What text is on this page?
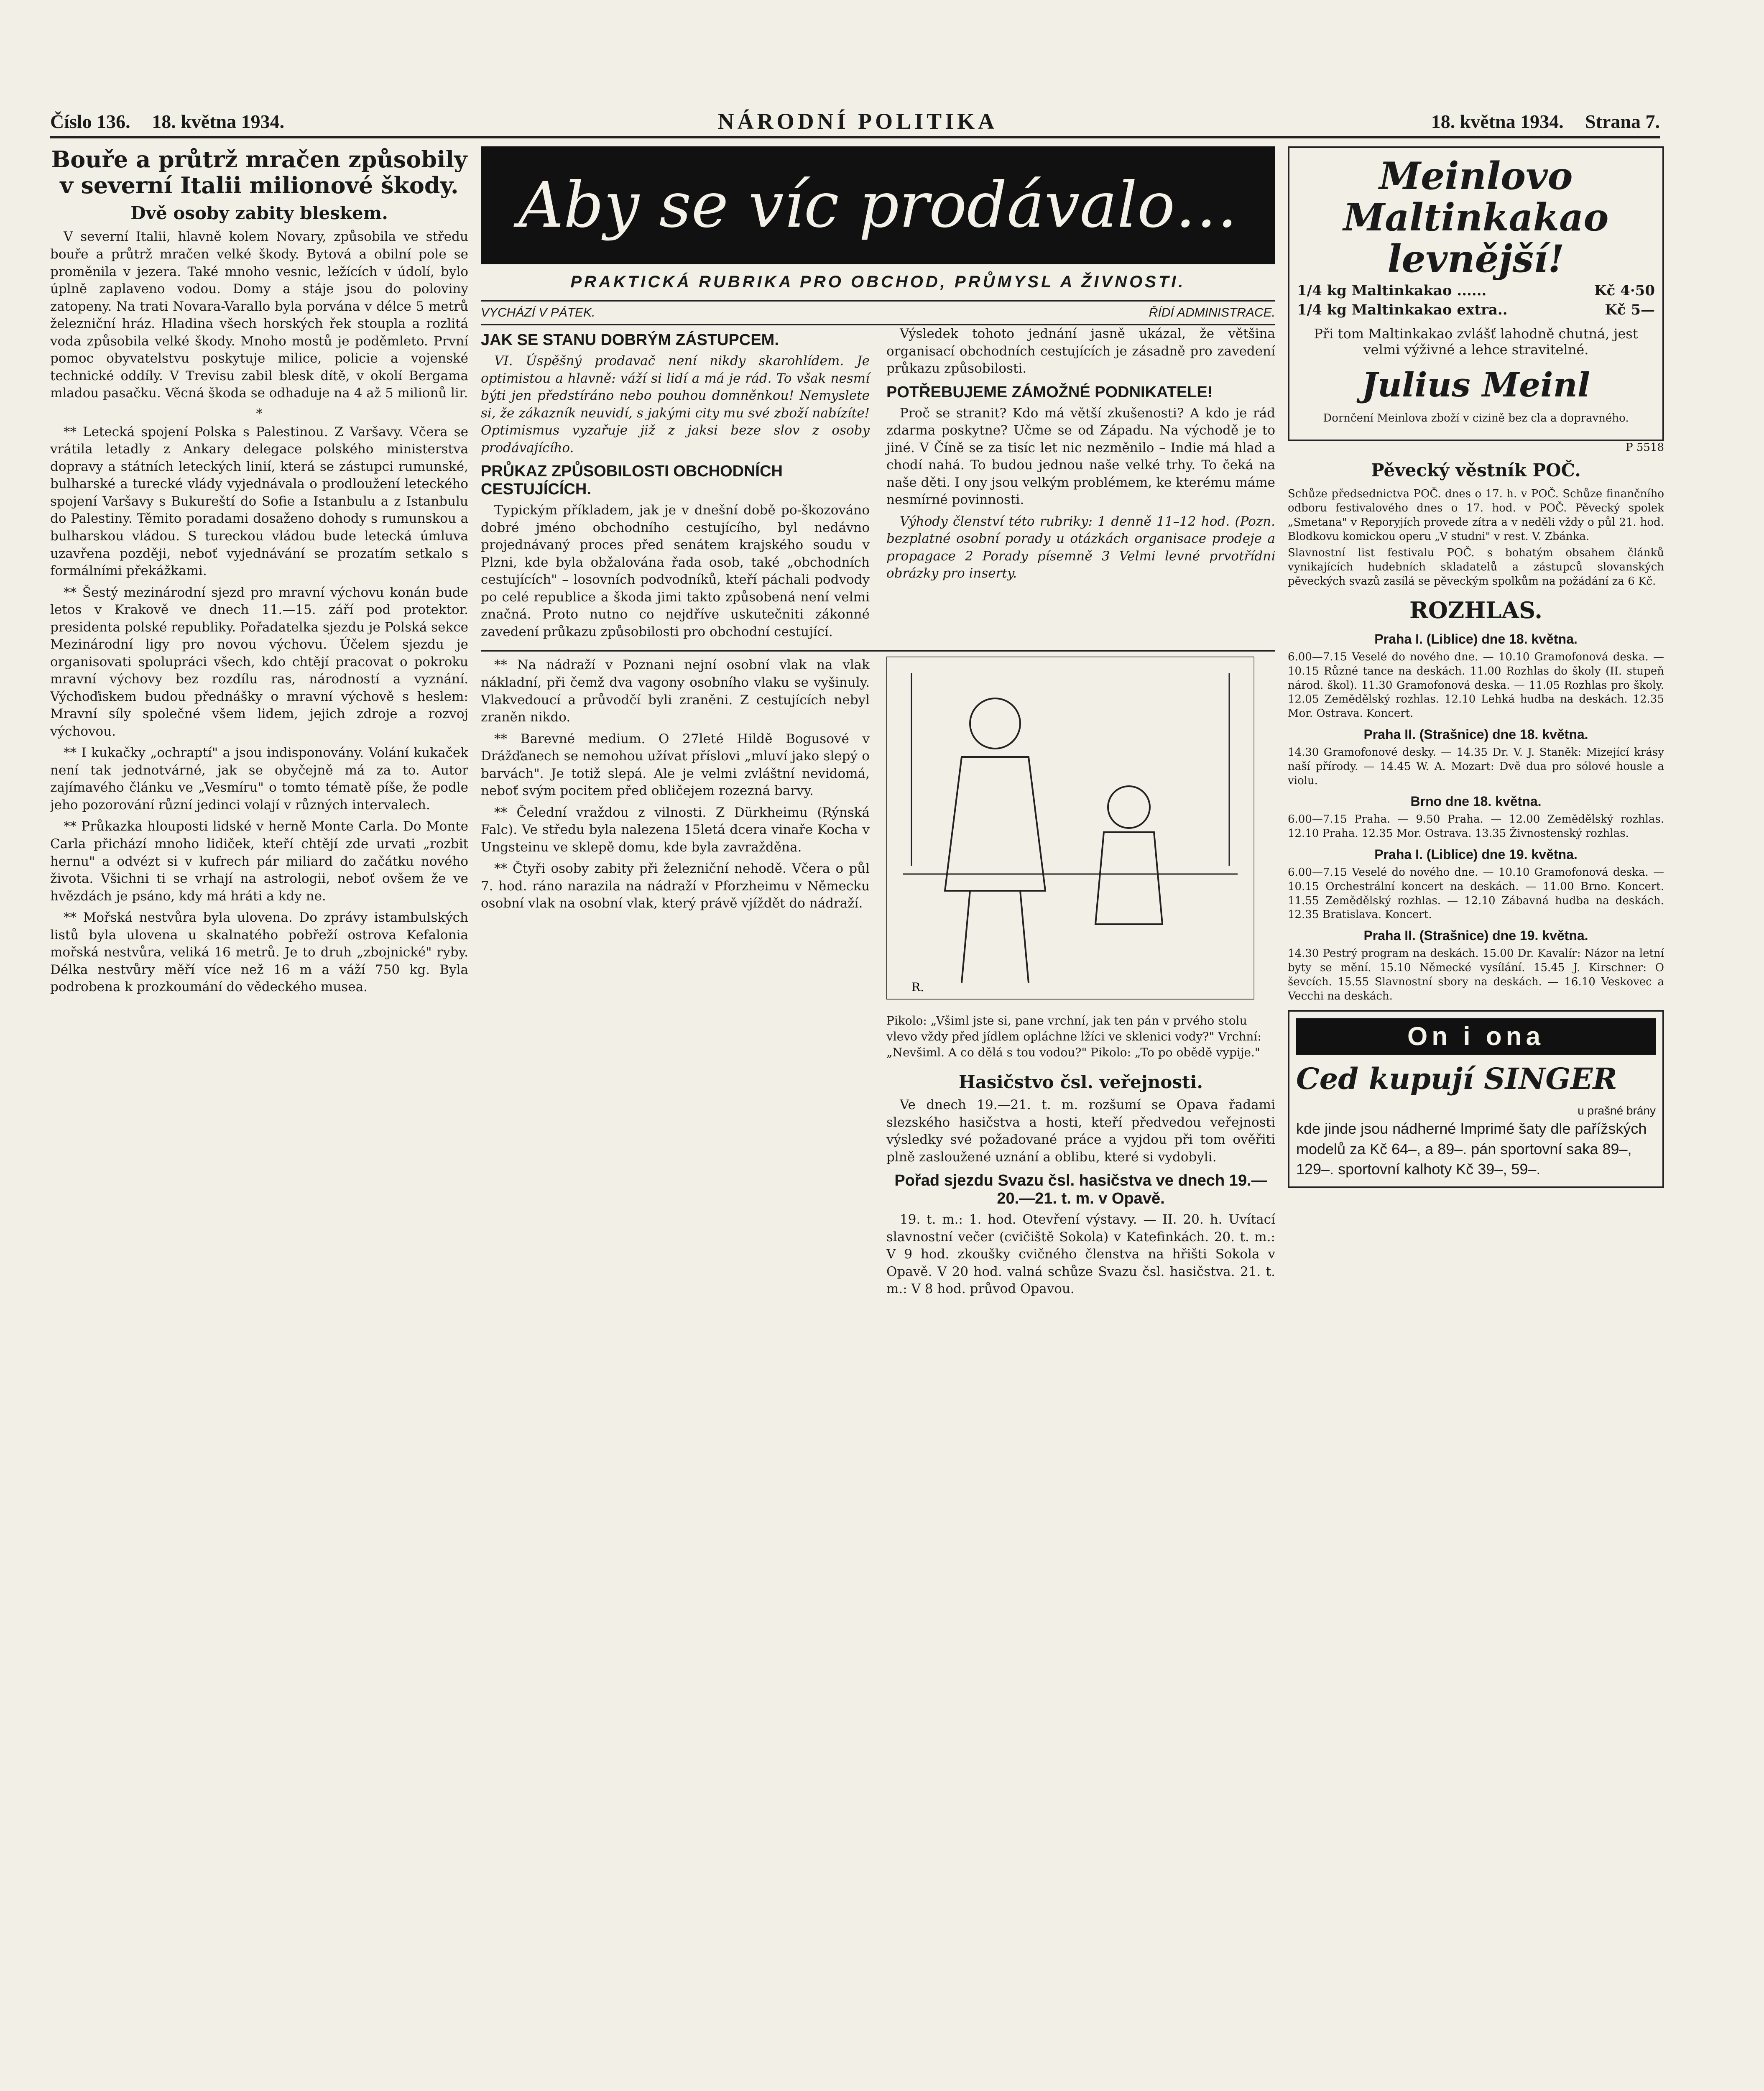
Číslo 136. 18. května 1934.	NÁRODNÍ POLITIKA	18. května 1934. Strana 7.
Bouře a průtrž mračen způsobily v severní Italii milionové škody.
Dvě osoby zabity bleskem.

V severní Italii, hlavně kolem Novary, způsobila ve středu bouře a průtrž mračen velké škody. Bytová a obilní pole se proměnila v jezera. Také mnoho vesnic, ležících v údolí, bylo úplně zaplaveno vodou. Domy a stáje jsou do poloviny zatopeny. Na trati Novara-Varallo byla porvána v délce 5 metrů železniční hráz. Hladina všech horských řek stoupla a rozlitá voda způsobila velké škody. Mnoho mostů je poděmleto. První pomoc obyvatelstvu poskytuje milice, policie a vojenské technické oddíly. V Trevisu zabil blesk dítě, v okolí Bergama mladou pasačku. Věcná škoda se odhaduje na 4 až 5 milionů lir.

*

** Letecká spojení Polska s Palestinou. Z Varšavy. Včera se vrátila letadly z Ankary delegace polského ministerstva dopravy a státních leteckých linií, která se zástupci rumunské, bulharské a turecké vlády vyjednávala o prodloužení leteckého spojení Varšavy s Bukureští do Sofie a Istanbulu a z Istanbulu do Palestiny. Těmito poradami dosaženo dohody s rumunskou a bulharskou vládou. S tureckou vládou bude letecká úmluva uzavřena později, neboť vyjednávání se prozatím setkalo s formálními překážkami.

** Šestý mezinárodní sjezd pro mravní výchovu konán bude letos v Krakově ve dnech 11.—15. září pod protektor. presidenta polské republiky. Pořadatelka sjezdu je Polská sekce Mezinárodní ligy pro novou výchovu. Účelem sjezdu je organisovati spolupráci všech, kdo chtějí pracovat o pokroku mravní výchovy bez rozdílu ras, národností a vyznání. Výchoďiskem budou přednášky o mravní výchově s heslem: Mravní síly společné všem lidem, jejich zdroje a rozvoj výchovou.

** I kukačky „ochraptí" a jsou indisponovány. Volání kukaček není tak jednotvárné, jak se obyčejně má za to. Autor zajímavého článku ve „Vesmíru" o tomto tématě píše, že podle jeho pozorování různí jedinci volají v různých intervalech.

** Průkazka hlouposti lidské v herně Monte Carla. Do Monte Carla přichází mnoho lidiček, kteří chtějí zde urvati „rozbit hernu" a odvézt si v kufrech pár miliard do začátku nového života. Všichni ti se vrhají na astrologii, neboť ovšem že ve hvězdách je psáno, kdy má hráti a kdy ne.

** Mořská nestvůra byla ulovena. Do zprávy istambulských listů byla ulovena u skalnatého pobřeží ostrova Kefalonia mořská nestvůra, veliká 16 metrů. Je to druh „zbojnické" ryby. Délka nestvůry měří více než 16 m a váží 750 kg. Byla podrobena k prozkoumání do vědeckého musea.

Aby se víc prodávalo…
PRAKTICKÁ RUBRIKA PRO OBCHOD, PRŮMYSL A ŽIVNOSTI.
VYCHÁZÍ V PÁTEK.	ŘÍDÍ ADMINISTRACE.
JAK SE STANU DOBRÝM ZÁSTUPCEM.

VI. Úspěšný prodavač není nikdy skarohlídem. Je optimistou a hlavně: váží si lidí a má je rád. To však nesmí býti jen předstíráno nebo pouhou domněnkou! Nemyslete si, že zákazník neuvidí, s jakými city mu své zboží nabízíte! Optimismus vyzařuje již z jaksi beze slov z osoby prodávajícího.

PRŮKAZ ZPŮSOBILOSTI OBCHODNÍCH CESTUJÍCÍCH.

Typickým příkladem, jak je v dnešní době po-škozováno dobré jméno obchodního cestujícího, byl nedávno projednávaný proces před senátem krajského soudu v Plzni, kde byla obžalována řada osob, také „obchodních cestujících" – losovních podvodníků, kteří páchali podvody po celé republice a škoda jimi takto způsobená není velmi značná. Proto nutno co nejdříve uskutečniti zákonné zavedení průkazu způsobilosti pro obchodní cestující.

Výsledek tohoto jednání jasně ukázal, že většina organisací obchodních cestujících je zásadně pro zavedení průkazu způsobilosti.

POTŘEBUJEME ZÁMOŽNÉ PODNIKATELE!

Proč se stranit? Kdo má větší zkušenosti? A kdo je rád zdarma poskytne? Učme se od Západu. Na východě je to jiné. V Číně se za tisíc let nic nezměnilo – Indie má hlad a chodí nahá. To budou jednou naše velké trhy. To čeká na naše děti. I ony jsou velkým problémem, ke kterému máme nesmírné povinnosti.

Výhody členství této rubriky: 1 denně 11–12 hod. (Pozn. bezplatné osobní porady u otázkách organisace prodeje a propagace 2 Porady písemně 3 Velmi levné prvotřídní obrázky pro inserty.

** Na nádraží v Poznani nejní osobní vlak na vlak nákladní, při čemž dva vagony osobního vlaku se vyšinuly. Vlakvedoucí a průvodčí byli zraněni. Z cestujících nebyl zraněn nikdo.

** Barevné medium. O 27leté Hildě Bogusové v Drážďanech se nemohou užívat příslovi „mluví jako slepý o barvách". Je totiž slepá. Ale je velmi zvláštní nevidomá, neboť svým pocitem před obličejem rozezná barvy.

** Čelední vraždou z vilnosti. Z Dürkheimu (Rýnská Falc). Ve středu byla nalezena 15letá dcera vinaře Kocha v Ungsteinu ve sklepě domu, kde byla zavražděna.

** Čtyři osoby zabity při železniční nehodě. Včera o půl 7. hod. ráno narazila na nádraží v Pforzheimu v Německu osobní vlak na osobní vlak, který právě vjíždět do nádraží.

R.

Pikolo: „Všiml jste si, pane vrchní, jak ten pán v prvého stolu vlevo vždy před jídlem opláchne lžíci ve sklenici vody?" Vrchní: „Nevšiml. A co dělá s tou vodou?" Pikolo: „To po obědě vypije."

Hasičstvo čsl. veřejnosti.

Ve dnech 19.—21. t. m. rozšumí se Opava řadami slezského hasičstva a hosti, kteří předvedou veřejnosti výsledky své požadované práce a vyjdou při tom ověřiti plně zasloužené uznání a oblibu, které si vydobyli.

Pořad sjezdu Svazu čsl. hasičstva ve dnech 19.—20.—21. t. m. v Opavě.

19. t. m.: 1. hod. Otevření výstavy. — II. 20. h. Uvítací slavnostní večer (cvičiště Sokola) v Katefinkách. 20. t. m.: V 9 hod. zkoušky cvičného členstva na hřišti Sokola v Opavě. V 20 hod. valná schůze Svazu čsl. hasičstva. 21. t. m.: V 8 hod. průvod Opavou.

Meinlovo Maltinkakao levnější!
1/4 kg Maltinkakao ......	Kč 4·50
1/4 kg Maltinkakao extra..	Kč 5—
Při tom Maltinkakao zvlášť lahodně chutná, jest velmi výživné a lehce stravitelné.
Julius Meinl
Dornčení Meinlova zboží v cizině bez cla a dopravného.
P 5518
Pěvecký věstník POČ.

Schůze předsednictva POČ. dnes o 17. h. v POČ. Schůze finančního odboru festivalového dnes o 17. hod. v POČ. Pěvecký spolek „Smetana" v Reporyjích provede zítra a v neděli vždy o půl 21. hod. Blodkovu komickou operu „V studni" v rest. V. Zbánka.

Slavnostní list festivalu POČ. s bohatým obsahem článků vynikajících hudebních skladatelů a zástupců slovanských pěveckých svazů zasílá se pěveckým spolkům na požádání za 6 Kč.

ROZHLAS.
Praha I. (Liblice) dne 18. května.

6.00—7.15 Veselé do nového dne. — 10.10 Gramofonová deska. — 10.15 Různé tance na deskách. 11.00 Rozhlas do školy (II. stupeň národ. škol). 11.30 Gramofonová deska. — 11.05 Rozhlas pro školy. 12.05 Zemědělský rozhlas. 12.10 Lehká hudba na deskách. 12.35 Mor. Ostrava. Koncert.

Praha II. (Strašnice) dne 18. května.

14.30 Gramofonové desky. — 14.35 Dr. V. J. Staněk: Mizející krásy naší přírody. — 14.45 W. A. Mozart: Dvě dua pro sólové housle a violu.

Brno dne 18. května.

6.00—7.15 Praha. — 9.50 Praha. — 12.00 Zemědělský rozhlas. 12.10 Praha. 12.35 Mor. Ostrava. 13.35 Živnostenský rozhlas.

Praha I. (Liblice) dne 19. května.

6.00—7.15 Veselé do nového dne. — 10.10 Gramofonová deska. — 10.15 Orchestrální koncert na deskách. — 11.00 Brno. Koncert. 11.55 Zemědělský rozhlas. — 12.10 Zábavná hudba na deskách. 12.35 Bratislava. Koncert.

Praha II. (Strašnice) dne 19. května.

14.30 Pestrý program na deskách. 15.00 Dr. Kavalír: Názor na letní byty se mění. 15.10 Německé vysílání. 15.45 J. Kirschner: O ševcích. 15.55 Slavnostní sbory na deskách. — 16.10 Veskovec a Vecchi na deskách.

On i ona
Ced kupují SINGER
u prašné brány
kde jinde jsou nádherné Imprimé šaty dle pařížských modelů za Kč 64–, a 89–. pán sportovní saka 89–, 129–. sportovní kalhoty Kč 39–, 59–.
